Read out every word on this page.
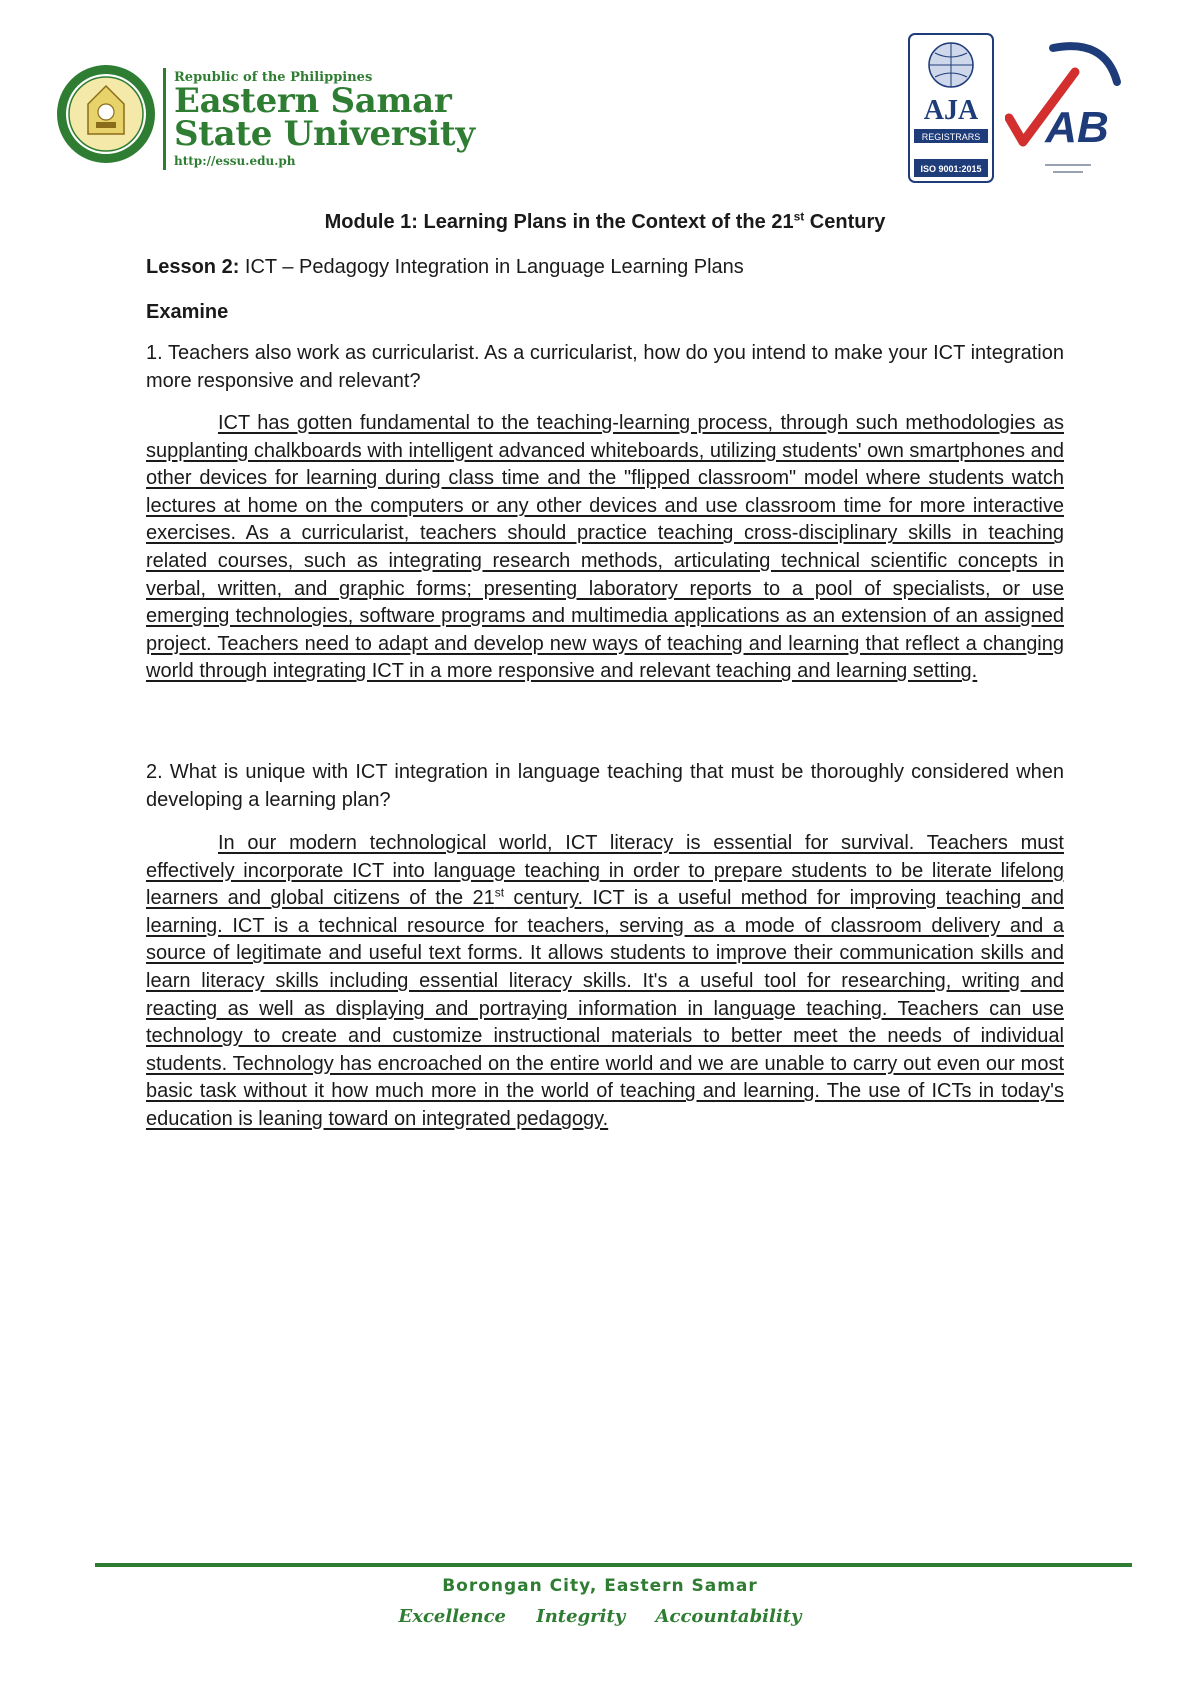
Republic of the Philippines
Eastern Samar
State University
http://essu.edu.ph
AJA
REGISTRARS
ISO 9001:2015
AB
Module 1: Learning Plans in the Context of the 21st Century
Lesson 2: ICT – Pedagogy Integration in Language Learning Plans
Examine

1. Teachers also work as curricularist. As a curricularist, how do you intend to make your ICT integration more responsive and relevant?

ICT has gotten fundamental to the teaching-learning process, through such methodologies as supplanting chalkboards with intelligent advanced whiteboards, utilizing students' own smartphones and other devices for learning during class time and the "flipped classroom" model where students watch lectures at home on the computers or any other devices and use classroom time for more interactive exercises. As a curricularist, teachers should practice teaching cross-disciplinary skills in teaching related courses, such as integrating research methods, articulating technical scientific concepts in verbal, written, and graphic forms; presenting laboratory reports to a pool of specialists, or use emerging technologies, software programs and multimedia applications as an extension of an assigned project. Teachers need to adapt and develop new ways of teaching and learning that reflect a changing world through integrating ICT in a more responsive and relevant teaching and learning setting.

2. What is unique with ICT integration in language teaching that must be thoroughly considered when developing a learning plan?

In our modern technological world, ICT literacy is essential for survival. Teachers must effectively incorporate ICT into language teaching in order to prepare students to be literate lifelong learners and global citizens of the 21st century. ICT is a useful method for improving teaching and learning. ICT is a technical resource for teachers, serving as a mode of classroom delivery and a source of legitimate and useful text forms. It allows students to improve their communication skills and learn literacy skills including essential literacy skills. It's a useful tool for researching, writing and reacting as well as displaying and portraying information in language teaching. Teachers can use technology to create and customize instructional materials to better meet the needs of individual students. Technology has encroached on the entire world and we are unable to carry out even our most basic task without it how much more in the world of teaching and learning. The use of ICTs in today's education is leaning toward on integrated pedagogy.

Borongan City, Eastern Samar
Excellence Integrity Accountability
